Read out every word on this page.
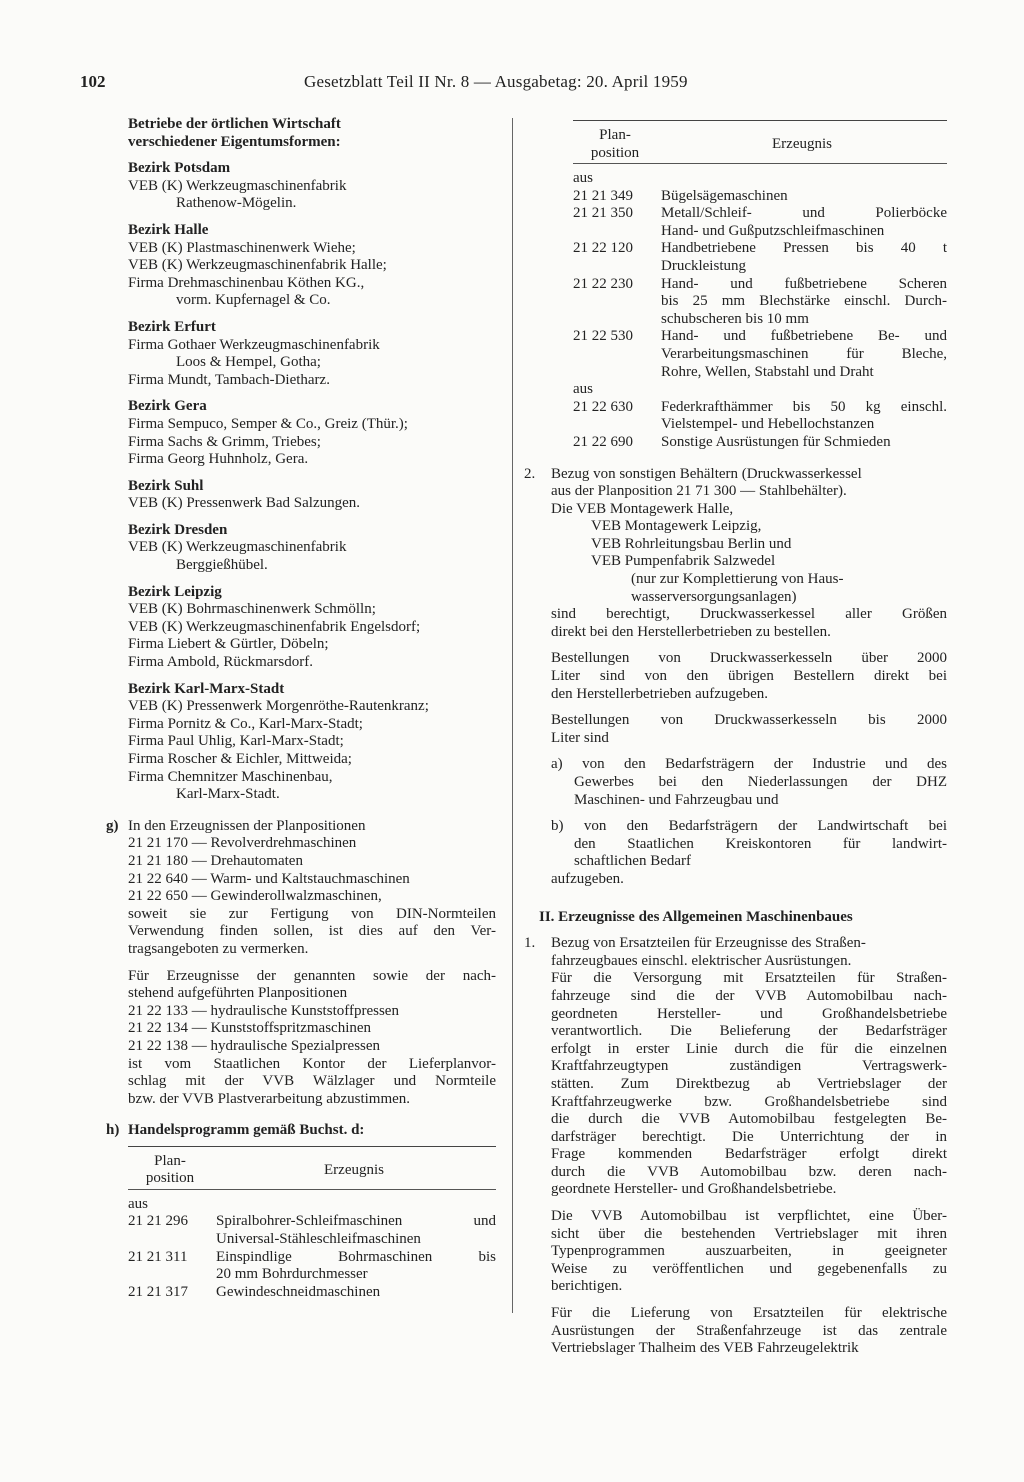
102	Gesetzblatt Teil II Nr. 8 — Ausgabetag: 20. April 1959
Betriebe der örtlichen Wirtschaft
verschiedener Eigentumsformen:
Bezirk Potsdam
VEB (K) Werkzeugmaschinenfabrik
Rathenow-Mögelin.
Bezirk Halle
VEB (K) Plastmaschinenwerk Wiehe;
VEB (K) Werkzeugmaschinenfabrik Halle;
Firma Drehmaschinenbau Köthen KG.,
vorm. Kupfernagel & Co.
Bezirk Erfurt
Firma Gothaer Werkzeugmaschinenfabrik
Loos & Hempel, Gotha;
Firma Mundt, Tambach-Dietharz.
Bezirk Gera
Firma Sempuco, Semper & Co., Greiz (Thür.);
Firma Sachs & Grimm, Triebes;
Firma Georg Huhnholz, Gera.
Bezirk Suhl
VEB (K) Pressenwerk Bad Salzungen.
Bezirk Dresden
VEB (K) Werkzeugmaschinenfabrik
Berggießhübel.
Bezirk Leipzig
VEB (K) Bohrmaschinenwerk Schmölln;
VEB (K) Werkzeugmaschinenfabrik Engelsdorf;
Firma Liebert & Gürtler, Döbeln;
Firma Ambold, Rückmarsdorf.
Bezirk Karl-Marx-Stadt
VEB (K) Pressenwerk Morgenröthe-Rautenkranz;
Firma Pornitz & Co., Karl-Marx-Stadt;
Firma Paul Uhlig, Karl-Marx-Stadt;
Firma Roscher & Eichler, Mittweida;
Firma Chemnitzer Maschinenbau,
Karl-Marx-Stadt.
g) In den Erzeugnissen der Planpositionen
21 21 170 — Revolverdrehmaschinen
21 21 180 — Drehautomaten
21 22 640 — Warm- und Kaltstauchmaschinen
21 22 650 — Gewinderollwalzmaschinen,
soweit sie zur Fertigung von DIN-Normteilen
Verwendung finden sollen, ist dies auf den Ver-
tragsangeboten zu vermerken.
Für Erzeugnisse der genannten sowie der nach-
stehend aufgeführten Planpositionen
21 22 133 — hydraulische Kunststoffpressen
21 22 134 — Kunststoffspritzmaschinen
21 22 138 — hydraulische Spezialpressen
ist vom Staatlichen Kontor der Lieferplanvor-
schlag mit der VVB Wälzlager und Normteile
bzw. der VVB Plastverarbeitung abzustimmen.
h) Handelsprogramm gemäß Buchst. d:
Plan-
position
Erzeugnis
aus
21 21 296	Spiralbohrer-Schleifmaschinen und
Universal-Stähleschleifmaschinen
21 21 311	Einspindlige Bohrmaschinen bis
20 mm Bohrdurchmesser
21 21 317	Gewindeschneidmaschinen
Plan-
position
Erzeugnis
aus
21 21 349	Bügelsägemaschinen
21 21 350	Metall/Schleif- und Polierböcke
Hand- und Gußputzschleifmaschinen
21 22 120	Handbetriebene Pressen bis 40 t
Druckleistung
21 22 230	Hand- und fußbetriebene Scheren
bis 25 mm Blechstärke einschl. Durch-
schubscheren bis 10 mm
21 22 530	Hand- und fußbetriebene Be- und
Verarbeitungsmaschinen für Bleche,
Rohre, Wellen, Stabstahl und Draht
aus
21 22 630	Federkrafthämmer bis 50 kg einschl.
Vielstempel- und Hebellochstanzen
21 22 690	Sonstige Ausrüstungen für Schmieden
2. Bezug von sonstigen Behältern (Druckwasserkessel
aus der Planposition 21 71 300 — Stahlbehälter).
Die VEB Montagewerk Halle,
VEB Montagewerk Leipzig,
VEB Rohrleitungsbau Berlin und
VEB Pumpenfabrik Salzwedel
(nur zur Komplettierung von Haus-
wasserversorgungsanlagen)
sind berechtigt, Druckwasserkessel aller Größen
direkt bei den Herstellerbetrieben zu bestellen.
Bestellungen von Druckwasserkesseln über 2000
Liter sind von den übrigen Bestellern direkt bei
den Herstellerbetrieben aufzugeben.
Bestellungen von Druckwasserkesseln bis 2000
Liter sind
a) von den Bedarfsträgern der Industrie und des
Gewerbes bei den Niederlassungen der DHZ
Maschinen- und Fahrzeugbau und
b) von den Bedarfsträgern der Landwirtschaft bei
den Staatlichen Kreiskontoren für landwirt-
schaftlichen Bedarf
aufzugeben.
II. Erzeugnisse des Allgemeinen Maschinenbaues
1. Bezug von Ersatzteilen für Erzeugnisse des Straßen-
fahrzeugbaues einschl. elektrischer Ausrüstungen.
Für die Versorgung mit Ersatzteilen für Straßen-
fahrzeuge sind die der VVB Automobilbau nach-
geordneten Hersteller- und Großhandelsbetriebe
verantwortlich. Die Belieferung der Bedarfsträger
erfolgt in erster Linie durch die für die einzelnen
Kraftfahrzeugtypen zuständigen Vertragswerk-
stätten. Zum Direktbezug ab Vertriebslager der
Kraftfahrzeugwerke bzw. Großhandelsbetriebe sind
die durch die VVB Automobilbau festgelegten Be-
darfsträger berechtigt. Die Unterrichtung der in
Frage kommenden Bedarfsträger erfolgt direkt
durch die VVB Automobilbau bzw. deren nach-
geordnete Hersteller- und Großhandelsbetriebe.
Die VVB Automobilbau ist verpflichtet, eine Über-
sicht über die bestehenden Vertriebslager mit ihren
Typenprogrammen auszuarbeiten, in geeigneter
Weise zu veröffentlichen und gegebenenfalls zu
berichtigen.
Für die Lieferung von Ersatzteilen für elektrische
Ausrüstungen der Straßenfahrzeuge ist das zentrale
Vertriebslager Thalheim des VEB Fahrzeugelektrik
